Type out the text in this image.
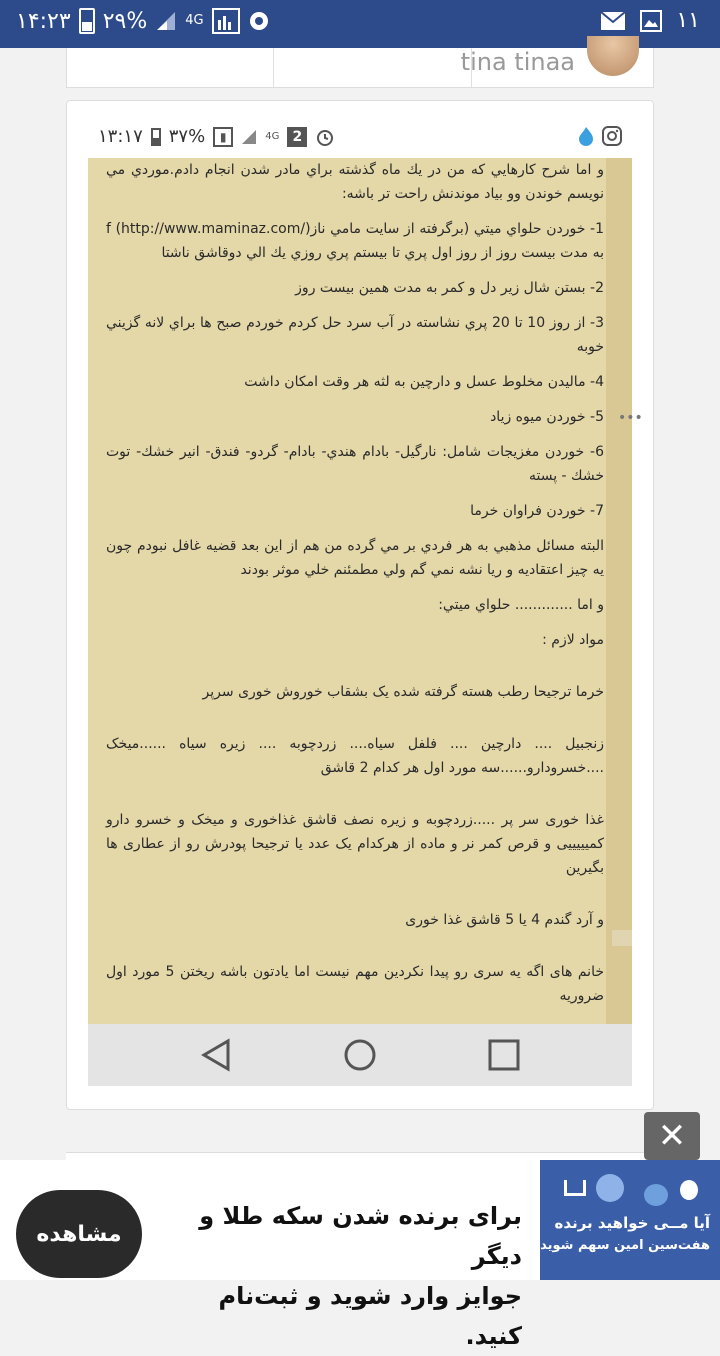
۱۴:۲۳ ۲۹%	4G	۱۱
tina tinaa
۱۳:۱۷ ۳۷%	▮	4G 2

و اما شرح كارهايي كه من در يك ماه گذشته براي مادر شدن انجام دادم.موردي مي نويسم خوندن وو بياد موندنش راحت تر باشه:

1- خوردن حلواي ميتي (برگرفته از سايت مامي نازf (http://www.maminaz.com/) به مدت بيست روز از روز اول پري تا بيستم پري روزي يك الي دوقاشق ناشتا

2- بستن شال زير دل و كمر به مدت همين بيست روز

3- از روز 10 تا 20 پري نشاسته در آب سرد حل كردم خوردم صبح ها براي لانه گزيني خوبه

4- ماليدن مخلوط عسل و دارچين به لثه هر وقت امكان داشت

5- خوردن ميوه زياد

6- خوردن مغزيجات شامل: نارگيل- بادام هندي- بادام- گردو- فندق- انير خشك- توت خشك - پسته

7- خوردن فراوان خرما

البته مسائل مذهبي به هر فردي بر مي گرده من هم از اين بعد قضيه غافل نبودم چون يه چيز اعتقاديه و ريا نشه نمي گم ولي مطمئنم خلي موثر بودند

و اما ............. حلواي ميتي:

مواد لازم :

خرما ترجيحا رطب هسته گرفته شده يک بشقاب خوروش خوری سرپر

زنجبیل .... دارچین .... فلفل سیاه.... زردچوبه .... زیره سیاه ......میخک ....خسرودارو......سه مورد اول هر کدام 2 قاشق

غذا خوری سر پر .....زردچوبه و زیره نصف قاشق غذاخوری و میخک و خسرو دارو کمیییییی و قرص کمر نر و ماده از هرکدام یک عدد یا ترجیحا پودرش رو از عطاری ها بگیرین

و آرد گندم 4 یا 5 قاشق غذا خوری

خانم های اگه یه سری رو پیدا نکردین مهم نیست اما یادتون باشه ریختن 5 مورد اول ضروریه

•••
✕
مشاهده
برای برنده شدن سکه طلا و دیگر
جوایز وارد شوید و ثبت‌نام کنید.
آیا مــی خواهید برنده
هفت‌سین امین سهم شوید
